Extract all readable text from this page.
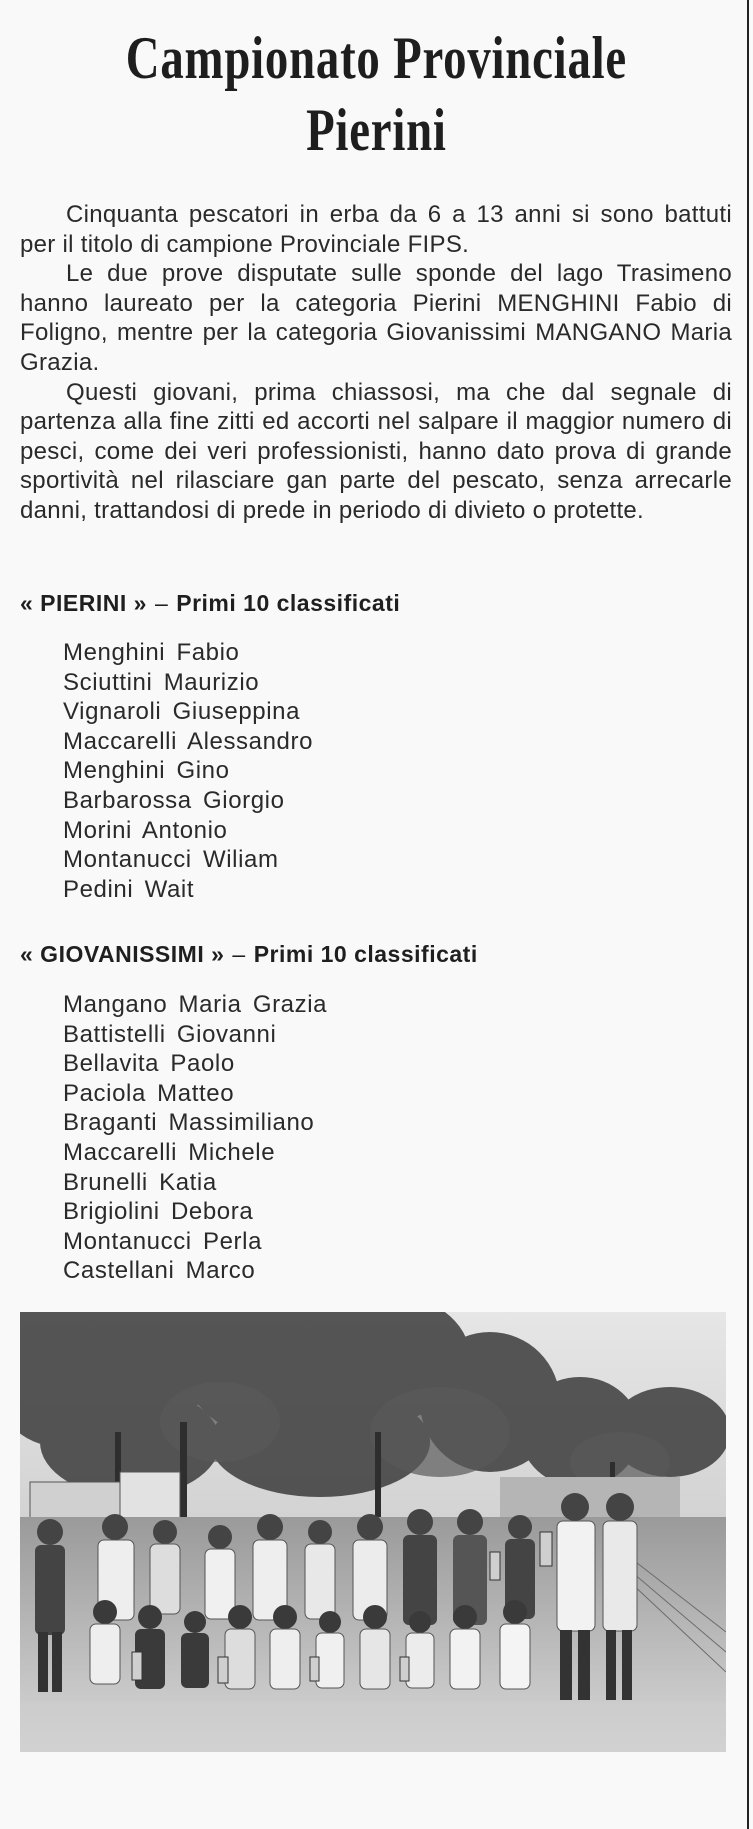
Campionato Provinciale
Pierini

Cinquanta pescatori in erba da 6 a 13 anni si sono battuti per il titolo di campione Provinciale FIPS.

Le due prove disputate sulle sponde del lago Trasimeno hanno laureato per la categoria Pierini MENGHINI Fabio di Foligno, mentre per la categoria Giovanissimi MANGANO Maria Grazia.

Questi giovani, prima chiassosi, ma che dal segnale di partenza alla fine zitti ed accorti nel salpare il maggior numero di pesci, come dei veri professionisti, hanno dato prova di grande sportività nel rilasciare gan parte del pescato, senza arrecarle danni, trattandosi di prede in periodo di divieto o protette.

« PIERINI » – Primi 10 classificati
Menghini Fabio
Sciuttini Maurizio
Vignaroli Giuseppina
Maccarelli Alessandro
Menghini Gino
Barbarossa Giorgio
Morini Antonio
Montanucci Wiliam
Pedini Wait
« GIOVANISSIMI » – Primi 10 classificati
Mangano Maria Grazia
Battistelli Giovanni
Bellavita Paolo
Paciola Matteo
Braganti Massimiliano
Maccarelli Michele
Brunelli Katia
Brigiolini Debora
Montanucci Perla
Castellani Marco
